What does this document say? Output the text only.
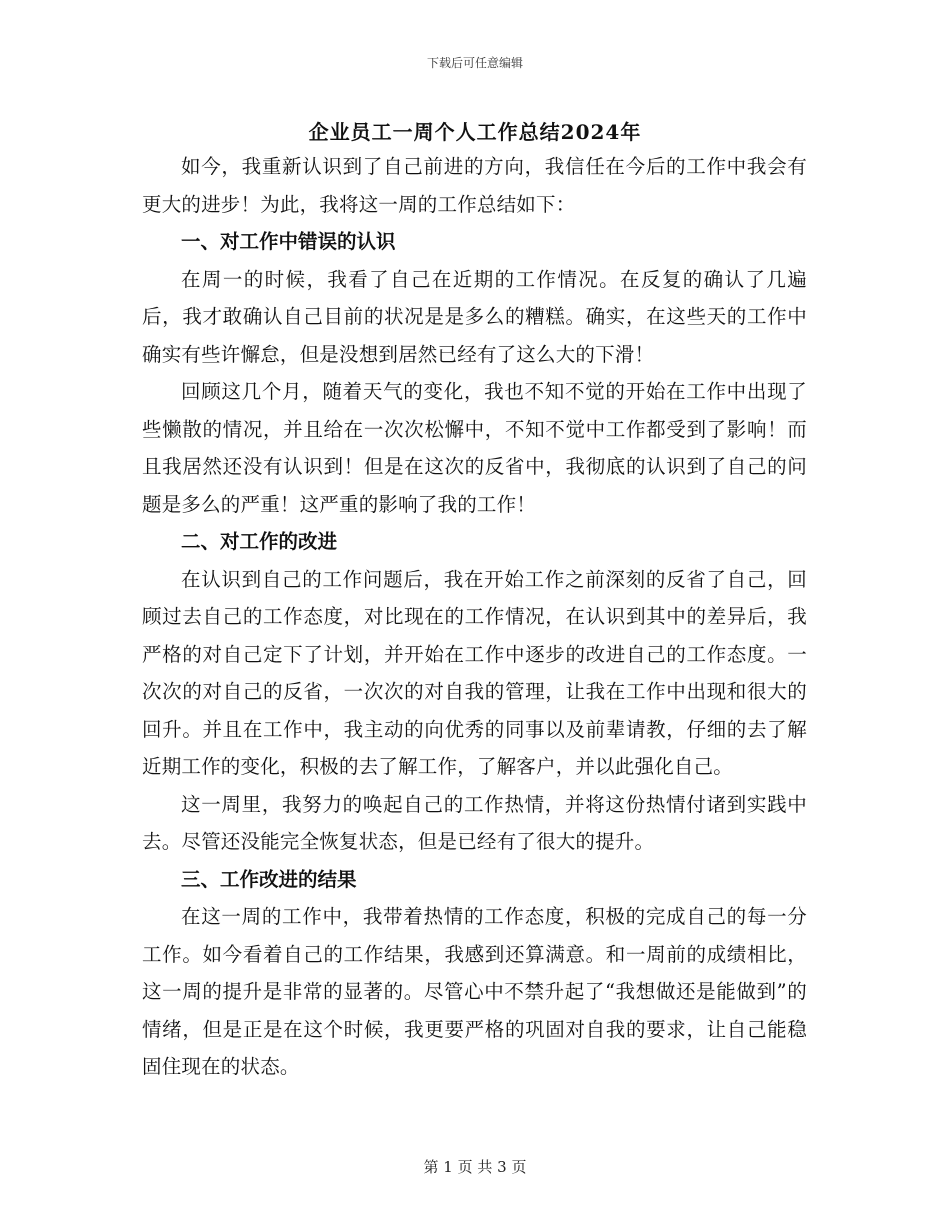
下载后可任意编辑
企业员工一周个人工作总结2024年

如今，我重新认识到了自己前进的方向，我信任在今后的工作中我会有更大的进步！为此，我将这一周的工作总结如下：

一、对工作中错误的认识

在周一的时候，我看了自己在近期的工作情况。在反复的确认了几遍后，我才敢确认自己目前的状况是是多么的糟糕。确实，在这些天的工作中确实有些许懈怠，但是没想到居然已经有了这么大的下滑！

回顾这几个月，随着天气的变化，我也不知不觉的开始在工作中出现了些懒散的情况，并且给在一次次松懈中，不知不觉中工作都受到了影响！而且我居然还没有认识到！但是在这次的反省中，我彻底的认识到了自己的问题是多么的严重！这严重的影响了我的工作！

二、对工作的改进

在认识到自己的工作问题后，我在开始工作之前深刻的反省了自己，回顾过去自己的工作态度，对比现在的工作情况，在认识到其中的差异后，我严格的对自己定下了计划，并开始在工作中逐步的改进自己的工作态度。一次次的对自己的反省，一次次的对自我的管理，让我在工作中出现和很大的回升。并且在工作中，我主动的向优秀的同事以及前辈请教，仔细的去了解近期工作的变化，积极的去了解工作，了解客户，并以此强化自己。

这一周里，我努力的唤起自己的工作热情，并将这份热情付诸到实践中去。尽管还没能完全恢复状态，但是已经有了很大的提升。

三、工作改进的结果

在这一周的工作中，我带着热情的工作态度，积极的完成自己的每一分工作。如今看着自己的工作结果，我感到还算满意。和一周前的成绩相比，这一周的提升是非常的显著的。尽管心中不禁升起了“我想做还是能做到”的情绪，但是正是在这个时候，我更要严格的巩固对自我的要求，让自己能稳固住现在的状态。

第 1 页 共 3 页
